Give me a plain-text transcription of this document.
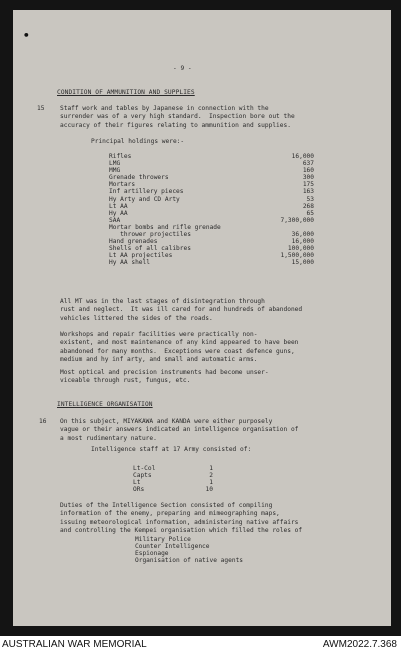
•
- 9 -
CONDITION OF AMMUNITION AND SUPPLIES
15	Staff work and tables by Japanese in connection with the
surrender was of a very high standard.  Inspection bore out the
accuracy of their figures relating to ammunition and supplies.
Principal holdings were:-
Rifles	16,000
LMG	637
MMG	160
Grenade throwers	300
Mortars	175
Inf artillery pieces	163
Hy Arty and CD Arty	53
Lt AA	268
Hy AA	65
SAA	7,300,000
Mortar bombs and rifle grenade
thrower projectiles	36,000
Hand grenades	16,000
Shells of all calibres	100,000
Lt AA projectiles	1,500,000
Hy AA shell	15,000
All MT was in the last stages of disintegration through
rust and neglect.  It was ill cared for and hundreds of abandoned
vehicles littered the sides of the roads.
Workshops and repair facilities were practically non-
existent, and most maintenance of any kind appeared to have been
abandoned for many months.  Exceptions were coast defence guns,
medium and hy inf arty, and small and automatic arms.
Most optical and precision instruments had become unser-
viceable through rust, fungus, etc.
INTELLIGENCE ORGANISATION
16 On this subject, MIYAKAWA and KANDA were either purposely
vague or their answers indicated an intelligence organisation of
a most rudimentary nature.
Intelligence staff at 17 Army consisted of:
Lt-Col	1
Capts	2
Lt	1
ORs	10
Duties of the Intelligence Section consisted of compiling
information of the enemy, preparing and mimeographing maps,
issuing meteorological information, administering native affairs
and controlling the Kempei organisation which filled the roles of
Military Police
Counter Intelligence
Espionage
Organisation of native agents
AUSTRALIAN WAR MEMORIAL	AWM2022.7.368
